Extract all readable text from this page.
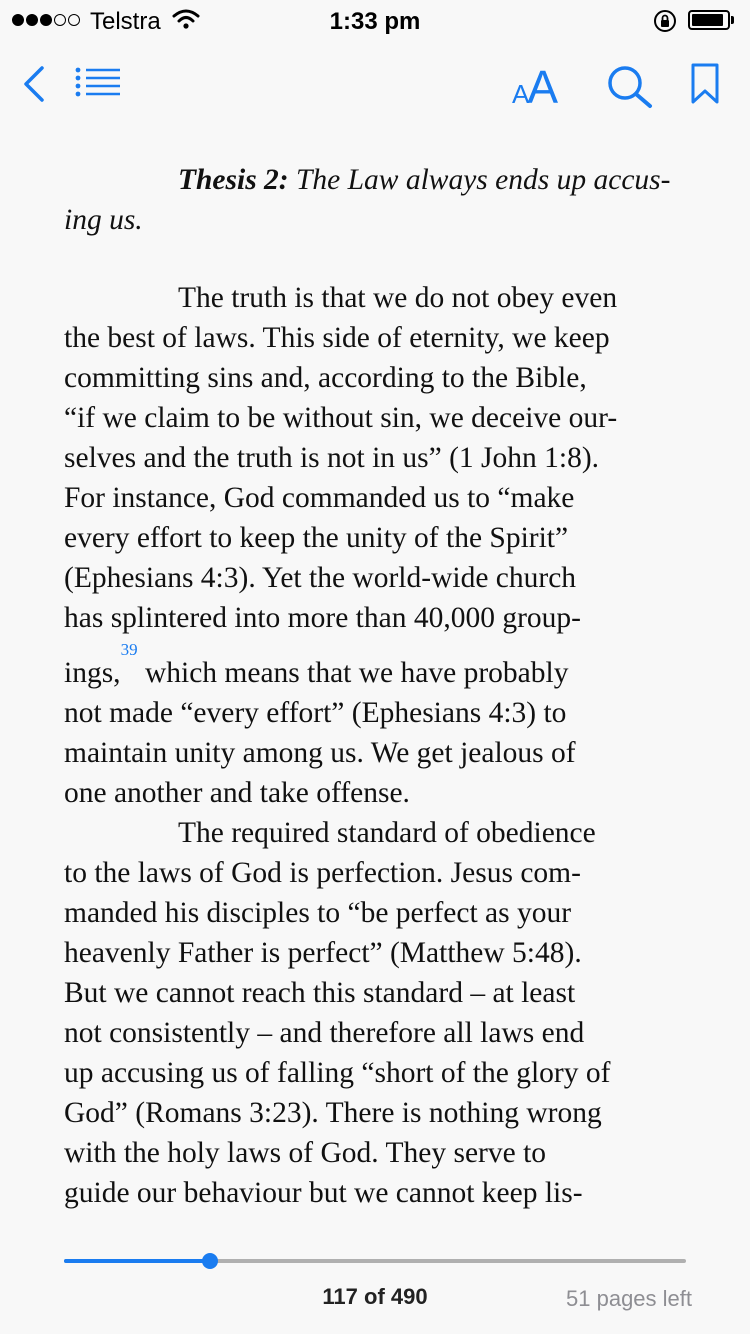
Telstra	1:33 pm
AA

Thesis 2: The Law always ends up accus-
ing us.

The truth is that we do not obey even
the best of laws. This side of eternity, we keep
committing sins and, according to the Bible,
“if we claim to be without sin, we deceive our-
selves and the truth is not in us” (1 John 1:8).
For instance, God commanded us to “make
every effort to keep the unity of the Spirit”
(Ephesians 4:3). Yet the world-wide church
has splintered into more than 40,000 group-
ings,$^{39}$ which means that we have probably
not made “every effort” (Ephesians 4:3) to
maintain unity among us. We get jealous of
one another and take offense.
The required standard of obedience
to the laws of God is perfection. Jesus com-
manded his disciples to “be perfect as your
heavenly Father is perfect” (Matthew 5:48).
But we cannot reach this standard – at least
not consistently – and therefore all laws end
up accusing us of falling “short of the glory of
God” (Romans 3:23). There is nothing wrong
with the holy laws of God. They serve to
guide our behaviour but we cannot keep lis-
117 of 490	51 pages left
